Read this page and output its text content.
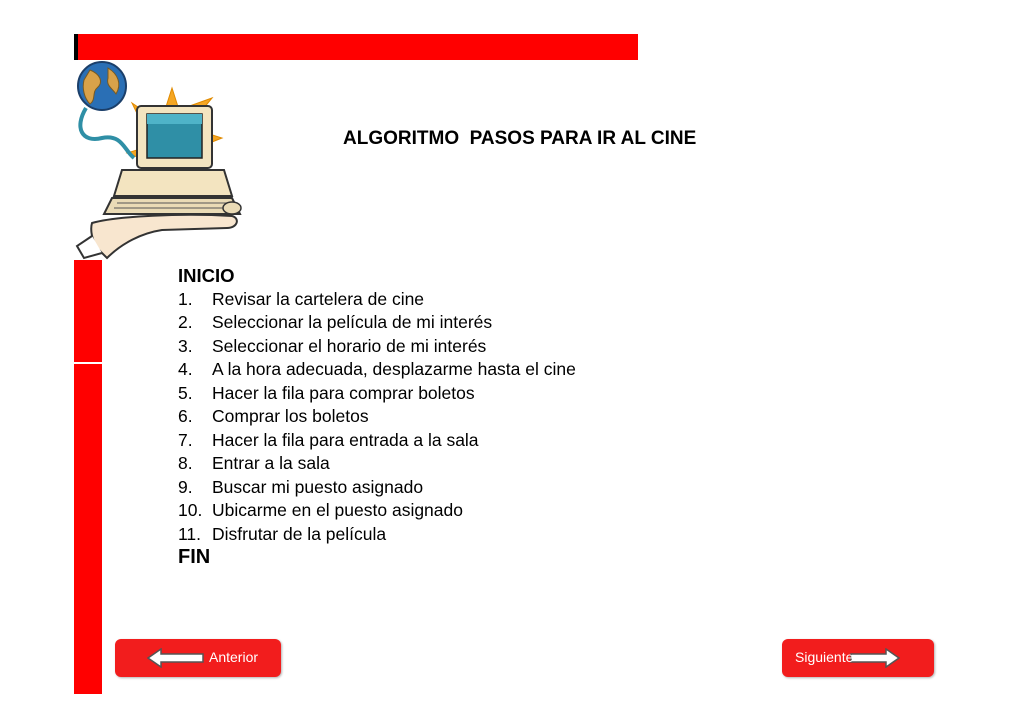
ALGORITMO  PASOS PARA IR AL CINE
INICIO
1.	Revisar la cartelera de cine
2.	Seleccionar la película de mi interés
3.	Seleccionar el horario de mi interés
4.	A la hora adecuada, desplazarme hasta el cine
5.	Hacer la fila para comprar boletos
6.	Comprar los boletos
7.	Hacer la fila para entrada a la sala
8.	Entrar a la sala
9.	Buscar mi puesto asignado
10. Ubicarme en el puesto asignado
11. Disfrutar de la película
FIN
Anterior	Siguiente
